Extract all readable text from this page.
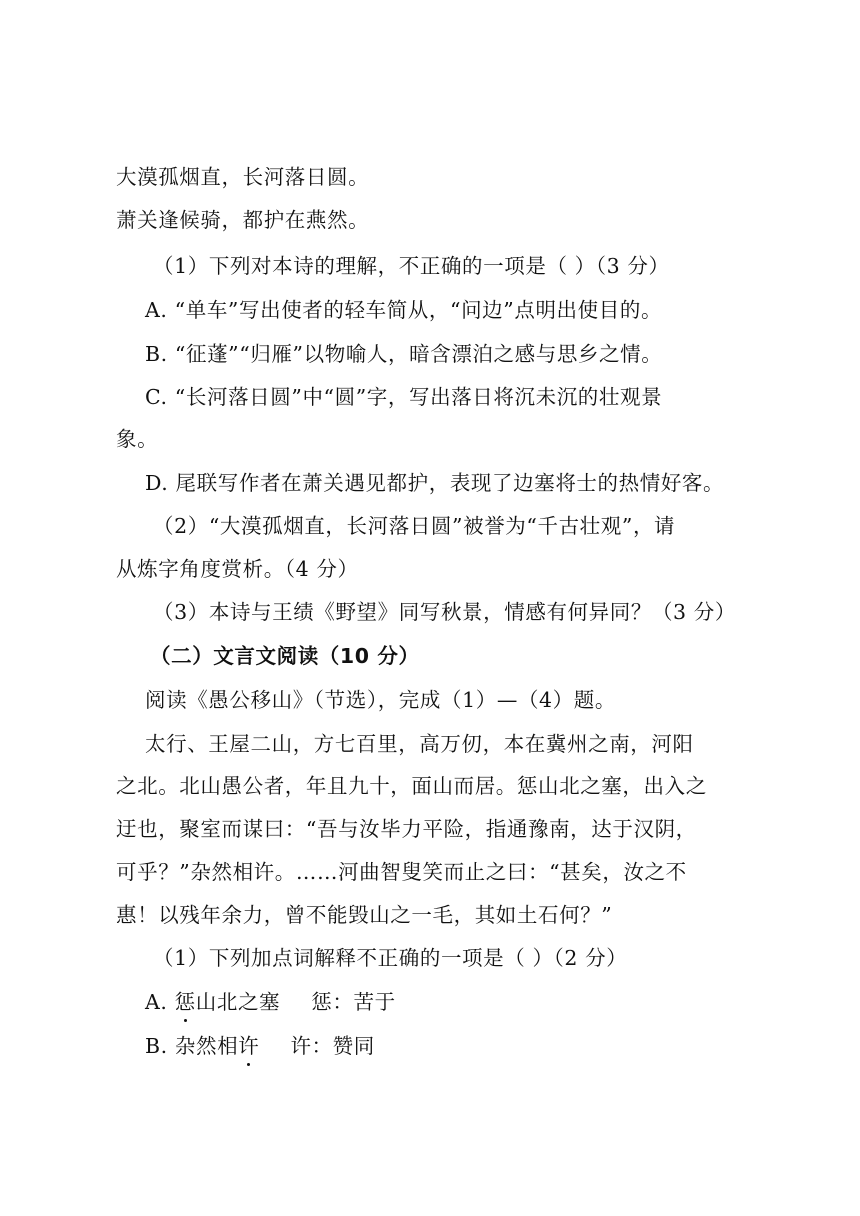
大漠孤烟直，长河落日圆。
萧关逢候骑，都护在燕然。
（1）下列对本诗的理解，不正确的一项是（ ）（3 分）
A. “单车”写出使者的轻车简从，“问边”点明出使目的。
B. “征蓬”“归雁”以物喻人，暗含漂泊之感与思乡之情。
C. “长河落日圆”中“圆”字，写出落日将沉未沉的壮观景
象。
D. 尾联写作者在萧关遇见都护，表现了边塞将士的热情好客。
（2）“大漠孤烟直，长河落日圆”被誉为“千古壮观”，请
从炼字角度赏析。（4 分）
（3）本诗与王绩《野望》同写秋景，情感有何异同？（3 分）
（二）文言文阅读（10 分）
阅读《愚公移山》（节选），完成（1）—（4）题。
太行、王屋二山，方七百里，高万仞，本在冀州之南，河阳
之北。北山愚公者，年且九十，面山而居。惩山北之塞，出入之
迂也，聚室而谋曰：“吾与汝毕力平险，指通豫南，达于汉阴，
可乎？”杂然相许。……河曲智叟笑而止之曰：“甚矣，汝之不
惠！以残年余力，曾不能毁山之一毛，其如土石何？”
（1）下列加点词解释不正确的一项是（ ）（2 分）
A. 惩山北之塞 惩：苦于
B. 杂然相许 许：赞同
